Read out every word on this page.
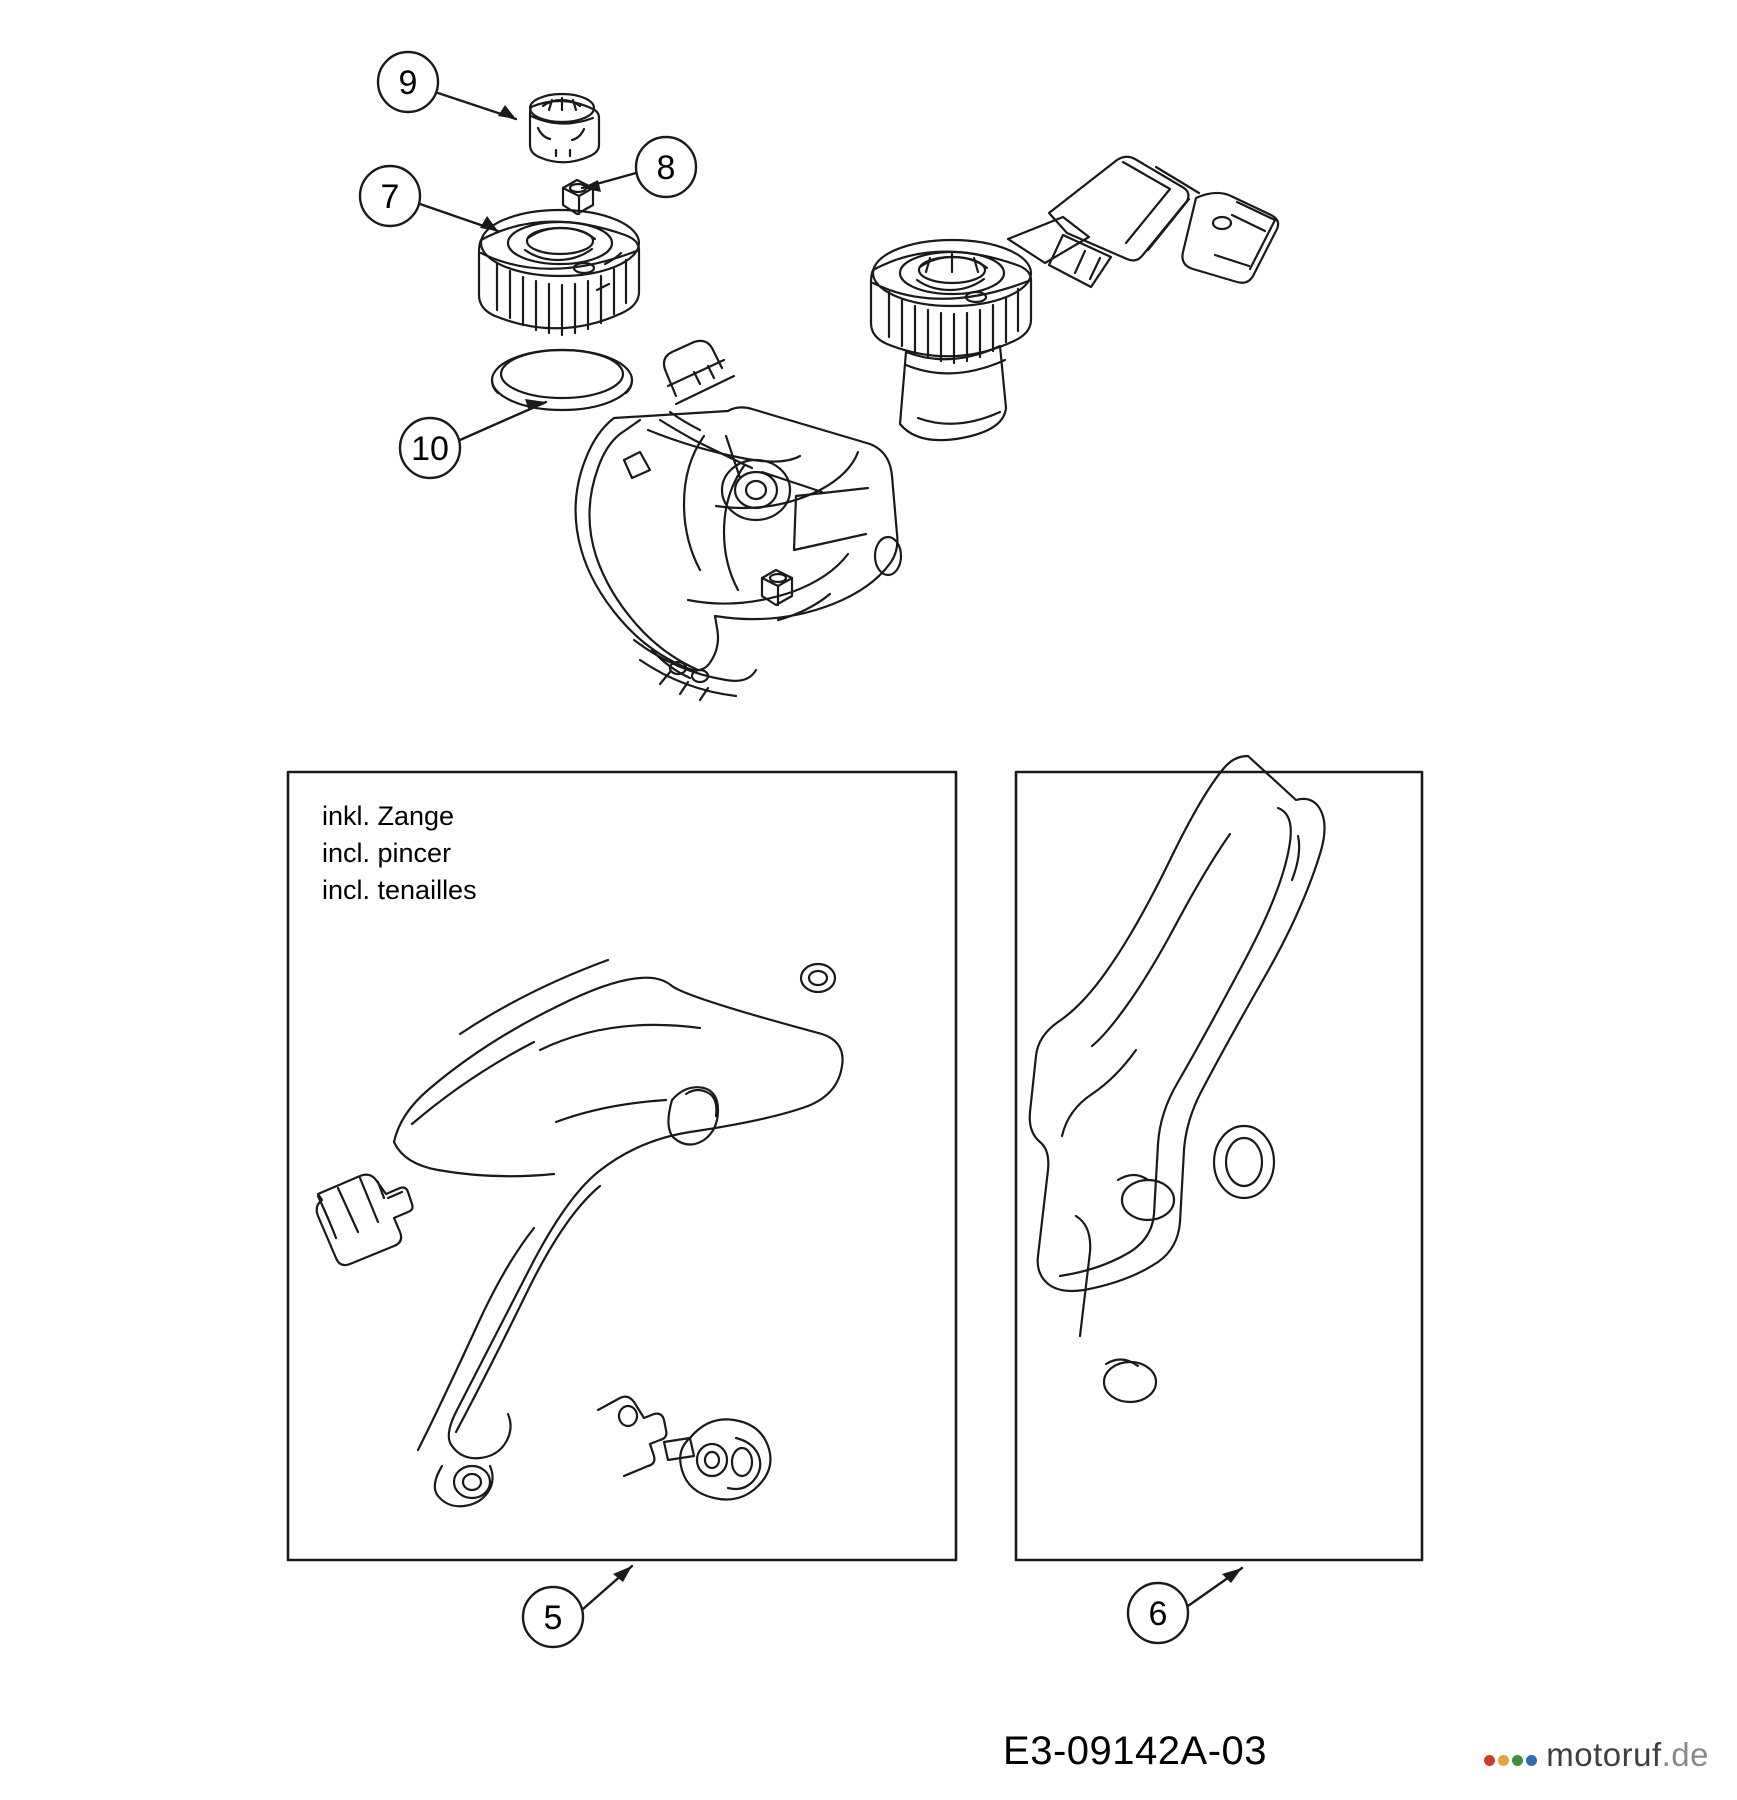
9
8
7
10
5	6
inkl. Zange
incl. pincer
incl. tenailles
E3-09142A-03	motoruf .de
